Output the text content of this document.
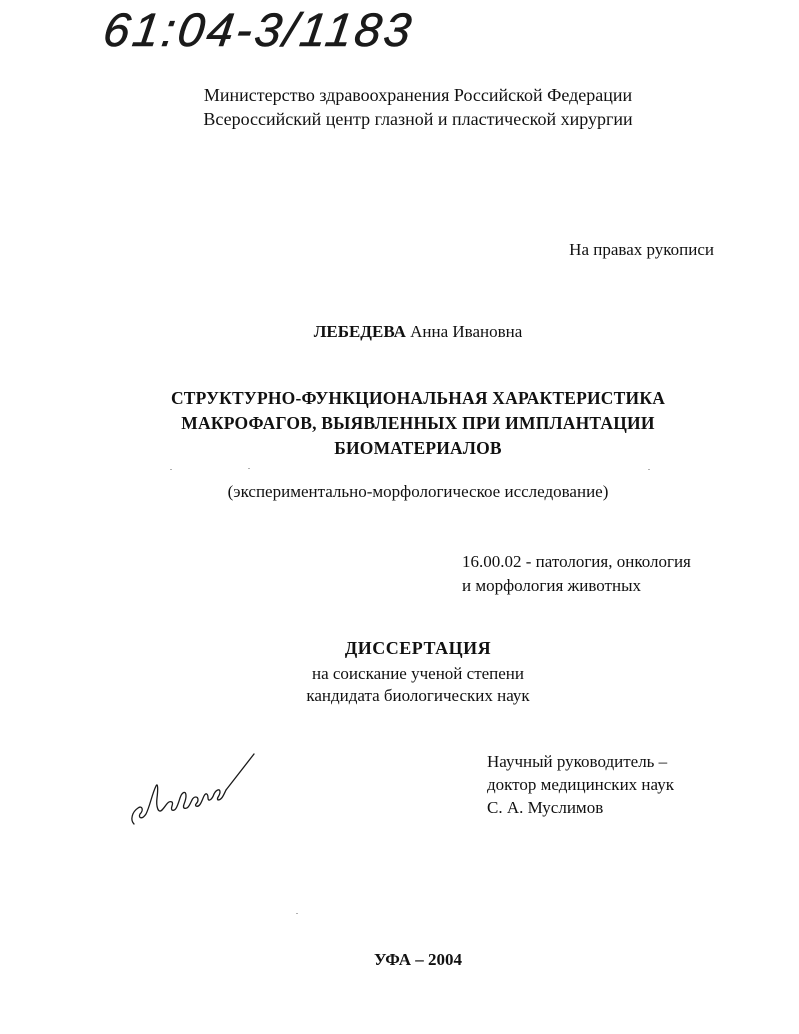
61:04-3/1183
Министерство здравоохранения Российской Федерации
Всероссийский центр глазной и пластической хирургии
На правах рукописи
ЛЕБЕДЕВА Анна Ивановна
СТРУКТУРНО-ФУНКЦИОНАЛЬНАЯ ХАРАКТЕРИСТИКА
МАКРОФАГОВ, ВЫЯВЛЕННЫХ ПРИ ИМПЛАНТАЦИИ
БИОМАТЕРИАЛОВ
(экспериментально-морфологическое исследование)
16.00.02 - патология, онкология
и морфология животных
ДИССЕРТАЦИЯ
на соискание ученой степени
кандидата биологических наук
Научный руководитель –
доктор медицинских наук
С. А. Муслимов
УФА – 2004
